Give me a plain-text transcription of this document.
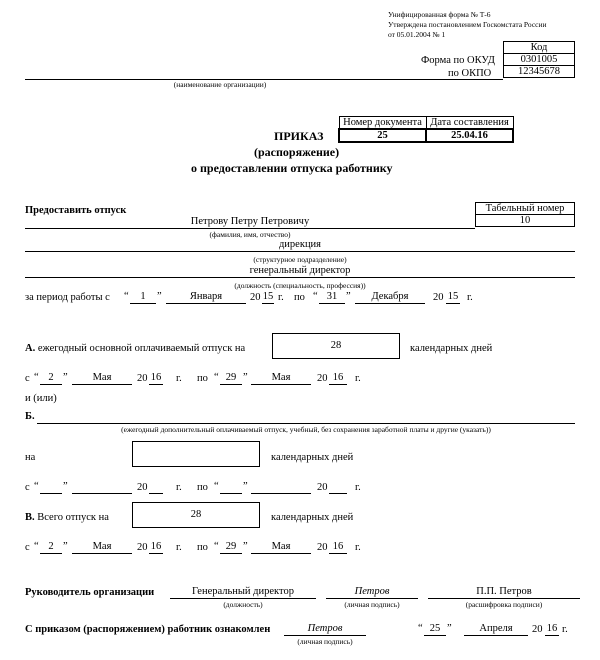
Унифицированная форма № Т-6
Утверждена постановлением Госкомстата России
от 05.01.2004 № 1
Код
0301005
12345678
Форма по ОКУД
по ОКПО
(наименование организации)
Номер документа	Дата составления
25	25.04.16
ПРИКАЗ
(распоряжение)
о предоставлении отпуска работнику
Предоставить отпуск	Табельный номер
10
Петрову Петру Петровичу
(фамилия, имя, отчество)
дирекция
(структурное подразделение)
генеральный директор
(должность (специальность, профессия))
за период работы с “	1	”	Января	20 15 г. по “ 31 ”	Декабря	20 15 г.
А. ежегодный основной оплачиваемый отпуск на	28	календарных дней
с “ 2 ”	Мая	20 16 г. по “ 29 ”	Мая	20 16	г.
и (или)
Б.
(ежегодный дополнительный оплачиваемый отпуск, учебный, без сохранения заработной платы и другие (указать))
на	календарных дней
с “ ”	20	г. по “ ”	20	г.
В. Всего отпуск на	28	календарных дней
с “ 2 ”	Мая	20 16 г. по “ 29 ”	Мая	20 16	г.
Руководитель организации	Генеральный директор
(должность)
Петров
(личная подпись)
П.П. Петров
(расшифровка подписи)
С приказом (распоряжением) работник ознакомлен	Петров
(личная подпись)
“ 25 ”	Апреля	20 16 г.
